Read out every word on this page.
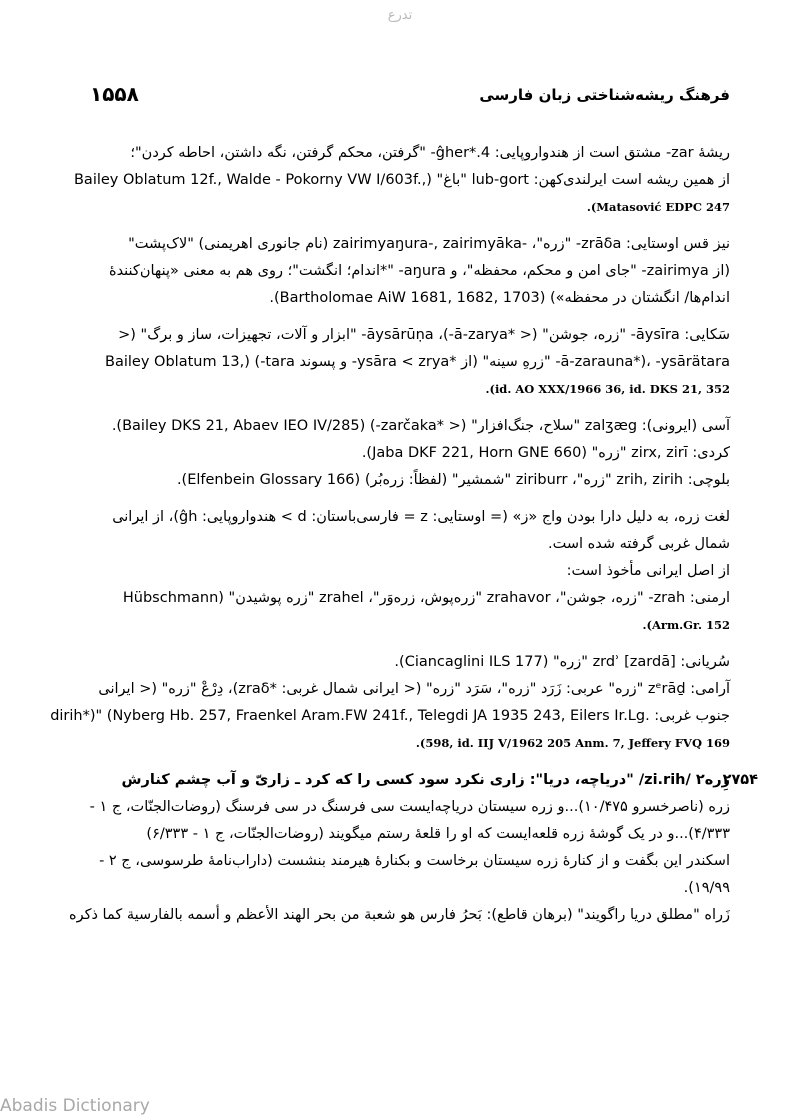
تدرع
۱۵۵۸	فرهنگ ریشه‌شناختی زبان فارسی
ریشهٔ ‎-zar‎ مشتق است از هندواروپایی: ‎-ĝher*.4‎ "گرفتن، محکم گرفتن، نگه داشتن، احاطه کردن"؛
از همین ریشه است ایرلندی‌کهن: ‎lub-gort‎ "باغ" (‎Bailey Oblatum 12f., Walde - Pokorny VW I/603f.,‎
‎Matasović EDPC 247‎).
نیز قس اوستایی: ‎-zrāδa‎ "زره"، ‎zairimyaŋura-, zairimyāka-‎ (نام جانوری اهریمنی) "لاک‌پشت"
(از ‎-zairimya‎ "جای امن و محکم، محفظه"، و ‎-aŋura‎ "*اندام؛ انگشت"؛ روی هم به معنی «پنهان‌کنندهٔ
اندام‌ها/ انگشتان در محفظه») (‎Bartholomae AiW 1681, 1682, 1703‎).
سَکایی: ‎-āysīra‎ "زره، جوشن" (< ‎-ā-zarya*‎)، ‎-āysārūṇa‎ "ابزار و آلات، تجهیزات، ساز و برگ" (<
‎-ā-zarauna*‎)، ‎-ysārätara‎ "زرهِ سینه" (از ‎-ysāra < zrya*‎ و پسوند ‎-tara‎) (‎Bailey Oblatum 13,‎
‎id. AO XXX/1966 36, id. DKS 21, 352‎).
آسی (ایرونی): ‎zalʒæg‎ "سلاح، جنگ‌افزار" (< ‎-zarčaka*‎) (‎Bailey DKS 21, Abaev IEO IV/285‎).
کردی: ‎zirx, zirī‎ "زره" (‎Jaba DKF 221, Horn GNE 660‎).
بلوچی: ‎zrih, zirih‎ "زره"، ‎ziriburr‎ "شمشیر" (لفظاً: زره‌بُر) (‎Elfenbein Glossary 166‎).
لغت زره، به دلیل دارا بودن واج «ز» (= اوستایی: ‎z‎ = فارسی‌باستان: ‎d‎ > هندواروپایی: ‎ĝh‎)، از ایرانی
شمال غربی گرفته شده است.
از اصل ایرانی مأخوذ است:
ارمنی: ‎-zrah‎ "زره، جوشن"، ‎zrahavor‎ "زره‌پوش، زره‌وَر"، ‎zrahel‎ "زره پوشیدن" (‎Hübschmann‎
‎Arm.Gr. 152‎).
سُریانی: ‎zrdʾ [zardā]‎ "زره" (‎Ciancaglini ILS 177‎).
آرامی: ‎zᵉrāḏ‎ "زره" عربی: زَرَد "زره"، سَرَد "زره" (< ایرانی شمال غربی: ‎zraδ*‎)، دِرْعْ "زره" (< ایرانی
جنوب غربی: ‎dirih*‎)" (‎Nyberg Hb. 257, Fraenkel Aram.FW 241f., Telegdi JA 1935 243, Eilers Ir.Lg.‎
‎598, id. IIJ V/1962 205 Anm. 7, Jeffery FVQ 169‎).
۲۷۵۴
زِره۲ ‎/zi.rih/‎ "دریاچه، دریا": زاری نکرد سود کسی را که کرد ـ زاریّ و آب چشم کنارش
زره (ناصرخسرو ۱۰/۴۷۵)...و زره سیستان دریاچه‌ایست سی فرسنگ در سی فرسنگ (روضات‌الجنّات، ج ۱ -
۴/۳۳۳)...و در یک گوشهٔ زره قلعه‌ایست که او را قلعهٔ رستم میگویند (روضات‌الجنّات، ج ۱ - ۶/۳۳۳)
اسکندر این بگفت و از کنارهٔ زره سیستان برخاست و بکنارهٔ هیرمند بنشست (داراب‌نامهٔ طرسوسی، ج ۲ -
۱۹/۹۹).
زَراه "مطلق دریا راگویند" (برهان قاطع): بَحرُ فارس هو شعبة من بحر الهند الأعظم و أسمه بالفارسية كما ذكره
Abadis Dictionary
